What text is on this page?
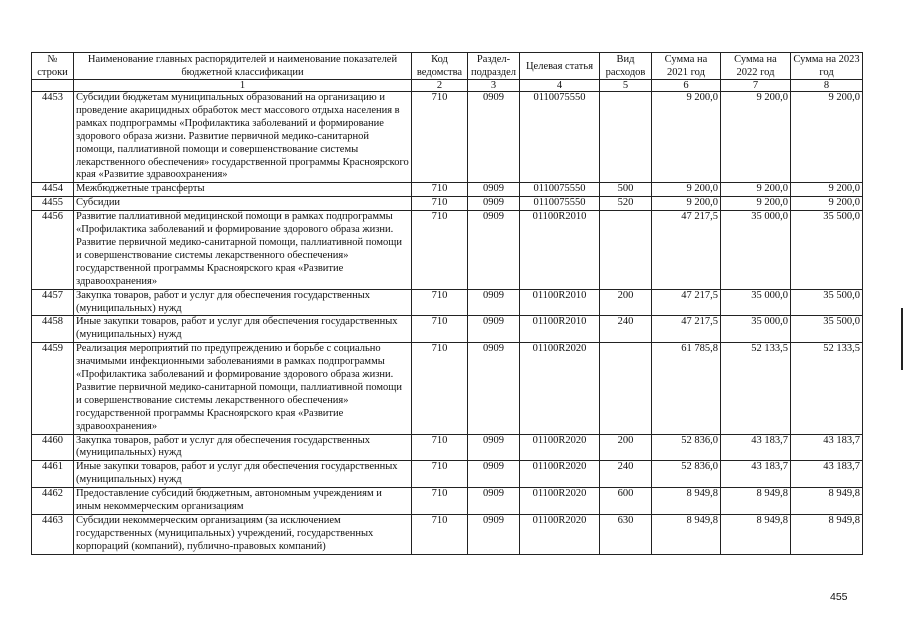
№ строки	Наименование главных распорядителей и наименование показателей бюджетной классификации	Код ведомства	Раздел-подраздел	Целевая статья	Вид расходов	Сумма на 2021 год	Сумма на 2022 год	Сумма на 2023 год
	1	2	3	4	5	6	7	8
4453	Субсидии бюджетам муниципальных образований на организацию и проведение акарицидных обработок мест массового отдыха населения в рамках подпрограммы «Профилактика заболеваний и формирование здорового образа жизни. Развитие первичной медико-санитарной помощи, паллиативной помощи и совершенствование системы лекарственного обеспечения» государственной программы Красноярского края «Развитие здравоохранения»	710	0909	0110075550		9 200,0	9 200,0	9 200,0
4454	Межбюджетные трансферты	710	0909	0110075550	500	9 200,0	9 200,0	9 200,0
4455	Субсидии	710	0909	0110075550	520	9 200,0	9 200,0	9 200,0
4456	Развитие паллиативной медицинской помощи в рамках подпрограммы «Профилактика заболеваний и формирование здорового образа жизни. Развитие первичной медико-санитарной помощи, паллиативной помощи и совершенствование системы лекарственного обеспечения» государственной программы Красноярского края «Развитие здравоохранения»	710	0909	01100R2010		47 217,5	35 000,0	35 500,0
4457	Закупка товаров, работ и услуг для обеспечения государственных (муниципальных) нужд	710	0909	01100R2010	200	47 217,5	35 000,0	35 500,0
4458	Иные закупки товаров, работ и услуг для обеспечения государственных (муниципальных) нужд	710	0909	01100R2010	240	47 217,5	35 000,0	35 500,0
4459	Реализация мероприятий по предупреждению и борьбе с социально значимыми инфекционными заболеваниями в рамках подпрограммы «Профилактика заболеваний и формирование здорового образа жизни. Развитие первичной медико-санитарной помощи, паллиативной помощи и совершенствование системы лекарственного обеспечения» государственной программы Красноярского края «Развитие здравоохранения»	710	0909	01100R2020		61 785,8	52 133,5	52 133,5
4460	Закупка товаров, работ и услуг для обеспечения государственных (муниципальных) нужд	710	0909	01100R2020	200	52 836,0	43 183,7	43 183,7
4461	Иные закупки товаров, работ и услуг для обеспечения государственных (муниципальных) нужд	710	0909	01100R2020	240	52 836,0	43 183,7	43 183,7
4462	Предоставление субсидий бюджетным, автономным учреждениям и иным некоммерческим организациям	710	0909	01100R2020	600	8 949,8	8 949,8	8 949,8
4463	Субсидии некоммерческим организациям (за исключением государственных (муниципальных) учреждений, государственных корпораций (компаний), публично-правовых компаний)	710	0909	01100R2020	630	8 949,8	8 949,8	8 949,8
455
